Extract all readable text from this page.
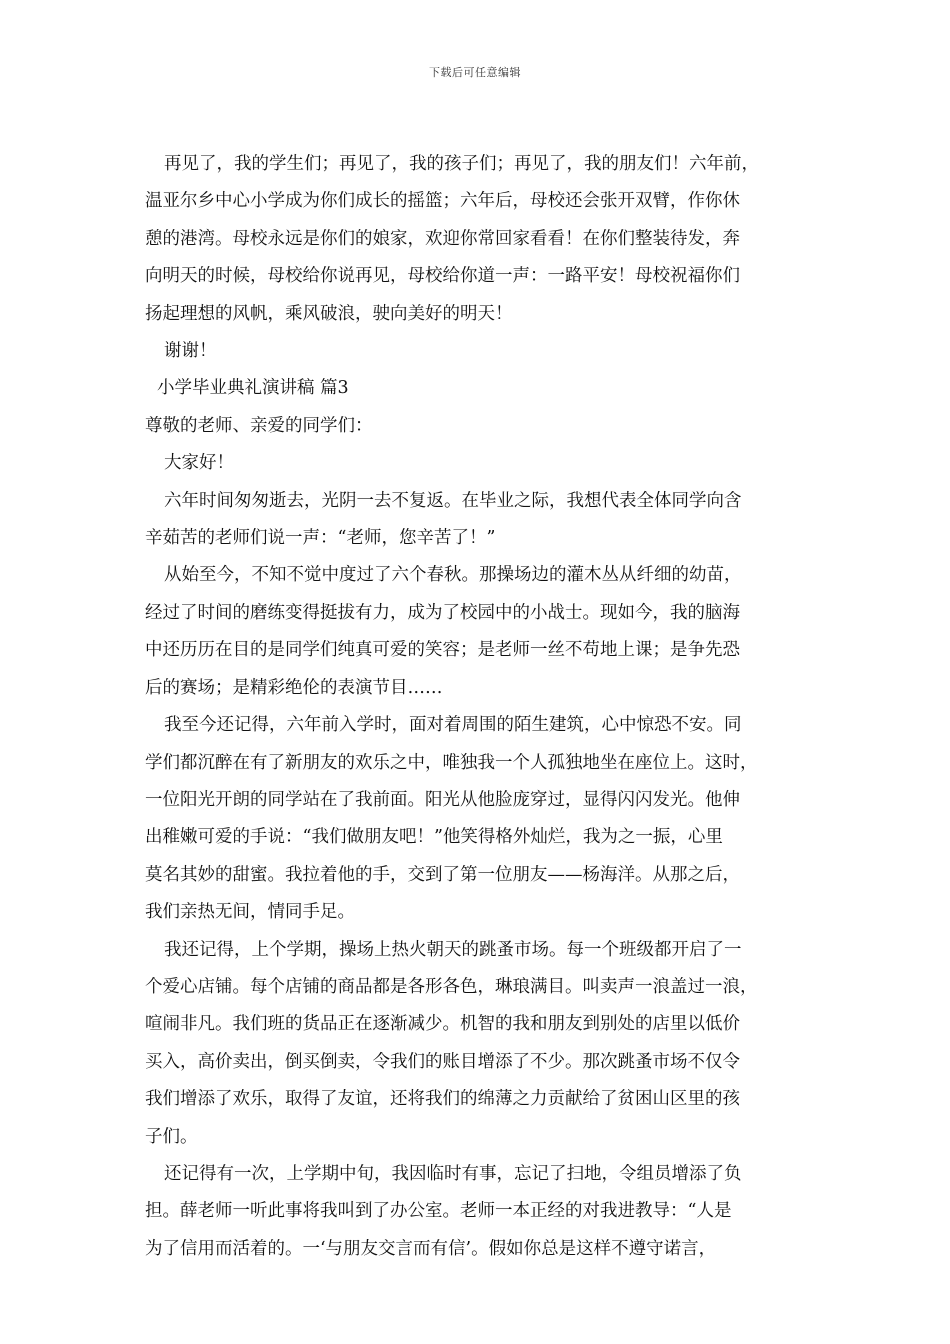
下载后可任意编辑

再见了，我的学生们；再见了，我的孩子们；再见了，我的朋友们！六年前，

温亚尔乡中心小学成为你们成长的摇篮；六年后，母校还会张开双臂，作你休

憩的港湾。母校永远是你们的娘家，欢迎你常回家看看！在你们整装待发，奔

向明天的时候，母校给你说再见，母校给你道一声：一路平安！母校祝福你们

扬起理想的风帆，乘风破浪，驶向美好的明天！

谢谢！

小学毕业典礼演讲稿 篇3

尊敬的老师、亲爱的同学们：

大家好！

六年时间匆匆逝去，光阴一去不复返。在毕业之际，我想代表全体同学向含

辛茹苦的老师们说一声：“老师，您辛苦了！”

从始至今，不知不觉中度过了六个春秋。那操场边的灌木丛从纤细的幼苗，

经过了时间的磨练变得挺拔有力，成为了校园中的小战士。现如今，我的脑海

中还历历在目的是同学们纯真可爱的笑容；是老师一丝不苟地上课；是争先恐

后的赛场；是精彩绝伦的表演节目……

我至今还记得，六年前入学时，面对着周围的陌生建筑，心中惊恐不安。同

学们都沉醉在有了新朋友的欢乐之中，唯独我一个人孤独地坐在座位上。这时，

一位阳光开朗的同学站在了我前面。阳光从他脸庞穿过，显得闪闪发光。他伸

出稚嫩可爱的手说：“我们做朋友吧！”他笑得格外灿烂，我为之一振，心里

莫名其妙的甜蜜。我拉着他的手，交到了第一位朋友——杨海洋。从那之后，

我们亲热无间，情同手足。

我还记得，上个学期，操场上热火朝天的跳蚤市场。每一个班级都开启了一

个爱心店铺。每个店铺的商品都是各形各色，琳琅满目。叫卖声一浪盖过一浪，

喧闹非凡。我们班的货品正在逐渐减少。机智的我和朋友到别处的店里以低价

买入，高价卖出，倒买倒卖，令我们的账目增添了不少。那次跳蚤市场不仅令

我们增添了欢乐，取得了友谊，还将我们的绵薄之力贡献给了贫困山区里的孩

子们。

还记得有一次，上学期中旬，我因临时有事，忘记了扫地，令组员增添了负

担。薛老师一听此事将我叫到了办公室。老师一本正经的对我进教导：“人是

为了信用而活着的。一‘与朋友交言而有信’。假如你总是这样不遵守诺言，
